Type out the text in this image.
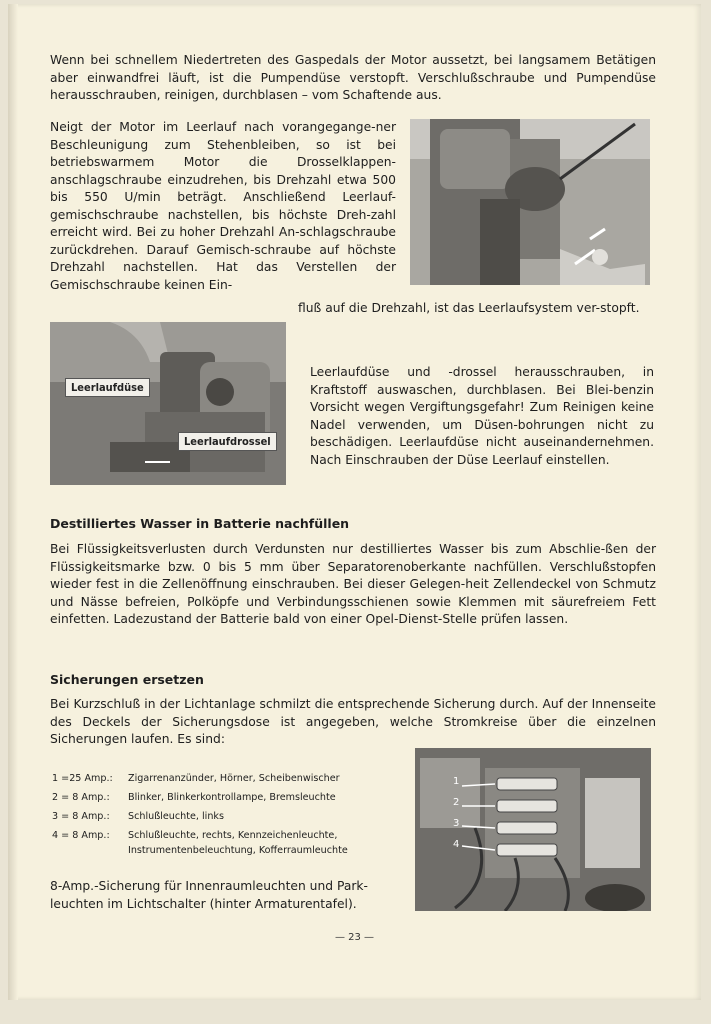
Wenn bei schnellem Niedertreten des Gaspedals der Motor aussetzt, bei langsamem Betätigen aber einwandfrei läuft, ist die Pumpendüse verstopft. Verschlußschraube und Pumpendüse herausschrauben, reinigen, durchblasen – vom Schaftende aus.

Neigt der Motor im Leerlauf nach vorangegange-ner Beschleunigung zum Stehenbleiben, so ist bei betriebswarmem Motor die Drosselklappen-anschlagschraube einzudrehen, bis Drehzahl etwa 500 bis 550 U/min beträgt. Anschließend Leerlauf-gemischschraube nachstellen, bis höchste Dreh-zahl erreicht wird. Bei zu hoher Drehzahl An-schlagschraube zurückdrehen. Darauf Gemisch-schraube auf höchste Drehzahl nachstellen. Hat das Verstellen der Gemischschraube keinen Ein-

fluß auf die Drehzahl, ist das Leerlaufsystem ver-stopft.

Leerlaufdüse
Leerlaufdrossel

Leerlaufdüse und -drossel herausschrauben, in Kraftstoff auswaschen, durchblasen. Bei Blei-benzin Vorsicht wegen Vergiftungsgefahr! Zum Reinigen keine Nadel verwenden, um Düsen-bohrungen nicht zu beschädigen. Leerlaufdüse nicht auseinandernehmen. Nach Einschrauben der Düse Leerlauf einstellen.

Destilliertes Wasser in Batterie nachfüllen

Bei Flüssigkeitsverlusten durch Verdunsten nur destilliertes Wasser bis zum Abschlie-ßen der Flüssigkeitsmarke bzw. 0 bis 5 mm über Separatorenoberkante nachfüllen. Verschlußstopfen wieder fest in die Zellenöffnung einschrauben. Bei dieser Gelegen-heit Zellendeckel von Schmutz und Nässe befreien, Polköpfe und Verbindungsschienen sowie Klemmen mit säurefreiem Fett einfetten. Ladezustand der Batterie bald von einer Opel-Dienst-Stelle prüfen lassen.

Sicherungen ersetzen

Bei Kurzschluß in der Lichtanlage schmilzt die entsprechende Sicherung durch. Auf der Innenseite des Deckels der Sicherungsdose ist angegeben, welche Stromkreise über die einzelnen Sicherungen laufen. Es sind:

1 =25 Amp.:	Zigarrenanzünder, Hörner, Scheibenwischer
2 = 8 Amp.:	Blinker, Blinkerkontrollampe, Bremsleuchte
3 = 8 Amp.:	Schlußleuchte, links
4 = 8 Amp.:	Schlußleuchte, rechts, Kennzeichenleuchte, Instrumentenbeleuchtung, Kofferraumleuchte
1
2
3
4

8-Amp.-Sicherung für Innenraumleuchten und Park-leuchten im Lichtschalter (hinter Armaturentafel).

— 23 —
